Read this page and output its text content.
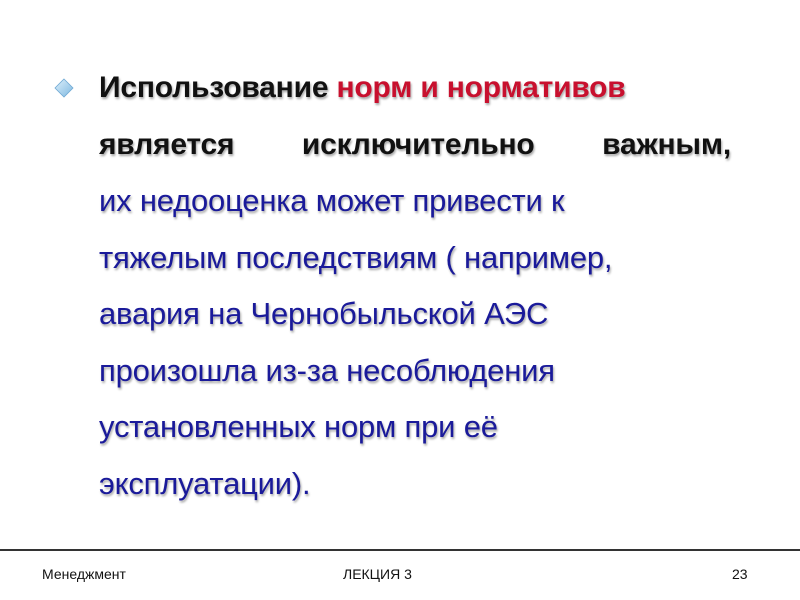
Использование норм и нормативов
является исключительно важным,
их недооценка может привести к
тяжелым последствиям ( например,
авария на Чернобыльской АЭС
произошла из-за несоблюдения
установленных норм при её
эксплуатации).
Менеджмент	ЛЕКЦИЯ 3	23
